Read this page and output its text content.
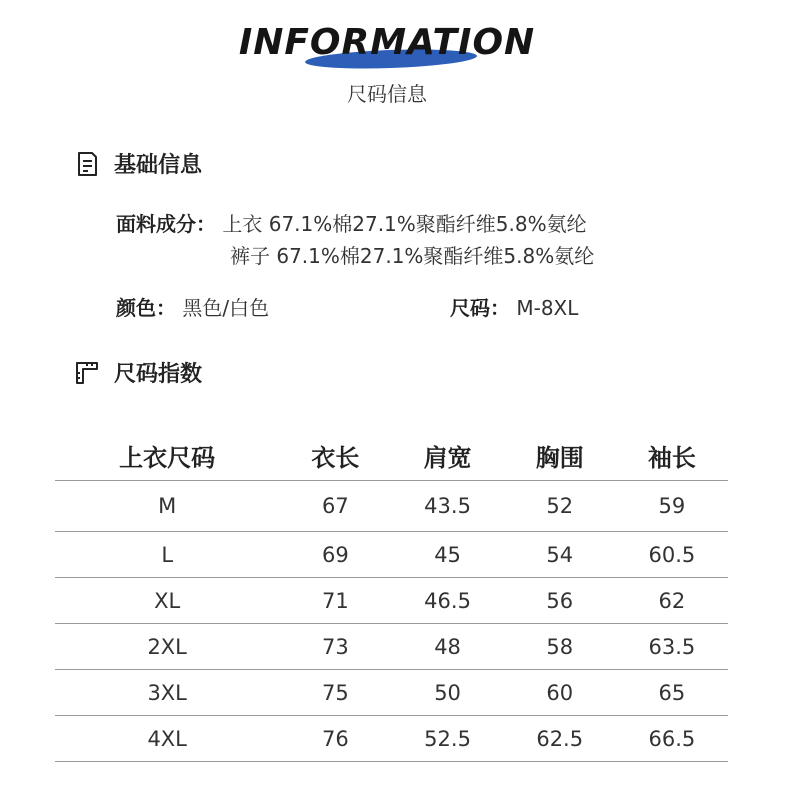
INFORMATION
尺码信息
基础信息
面料成分： 上衣 67.1%棉27.1%聚酯纤维5.8%氨纶
裤子 67.1%棉27.1%聚酯纤维5.8%氨纶
颜色： 黑色/白色	尺码： M-8XL
尺码指数
上衣尺码	衣长	肩宽	胸围	袖长
M	67	43.5	52	59
L	69	45	54	60.5
XL	71	46.5	56	62
2XL	73	48	58	63.5
3XL	75	50	60	65
4XL	76	52.5	62.5	66.5
